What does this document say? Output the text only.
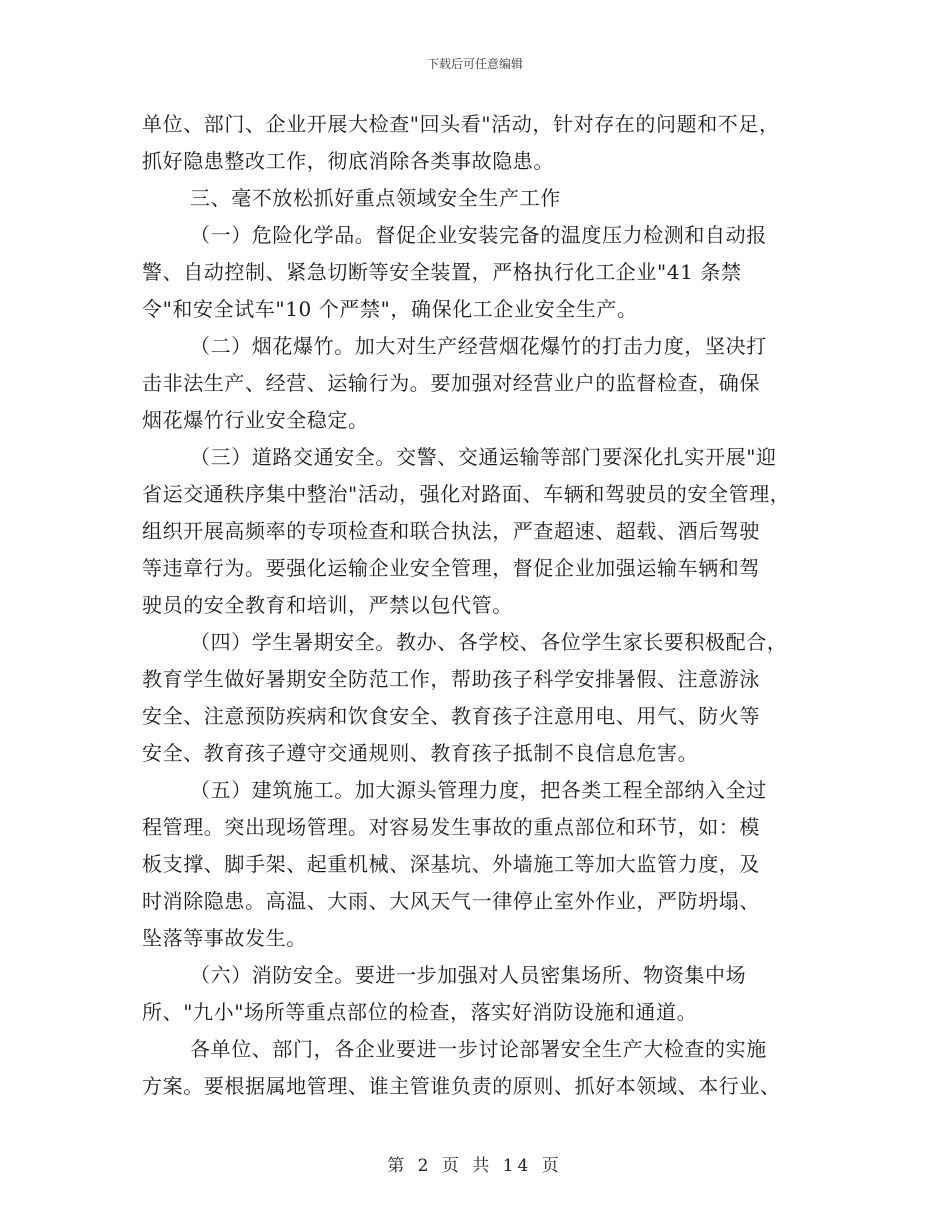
下载后可任意编辑
单位、部门、企业开展大检查"回头看"活动，针对存在的问题和不足，
抓好隐患整改工作，彻底消除各类事故隐患。
三、毫不放松抓好重点领域安全生产工作
（一）危险化学品。督促企业安装完备的温度压力检测和自动报
警、自动控制、紧急切断等安全装置，严格执行化工企业"41 条禁
令"和安全试车"10 个严禁"，确保化工企业安全生产。
（二）烟花爆竹。加大对生产经营烟花爆竹的打击力度，坚决打
击非法生产、经营、运输行为。要加强对经营业户的监督检查，确保
烟花爆竹行业安全稳定。
（三）道路交通安全。交警、交通运输等部门要深化扎实开展"迎
省运交通秩序集中整治"活动，强化对路面、车辆和驾驶员的安全管理，
组织开展高频率的专项检查和联合执法，严查超速、超载、酒后驾驶
等违章行为。要强化运输企业安全管理，督促企业加强运输车辆和驾
驶员的安全教育和培训，严禁以包代管。
（四）学生暑期安全。教办、各学校、各位学生家长要积极配合，
教育学生做好暑期安全防范工作，帮助孩子科学安排暑假、注意游泳
安全、注意预防疾病和饮食安全、教育孩子注意用电、用气、防火等
安全、教育孩子遵守交通规则、教育孩子抵制不良信息危害。
（五）建筑施工。加大源头管理力度，把各类工程全部纳入全过
程管理。突出现场管理。对容易发生事故的重点部位和环节，如：模
板支撑、脚手架、起重机械、深基坑、外墙施工等加大监管力度，及
时消除隐患。高温、大雨、大风天气一律停止室外作业，严防坍塌、
坠落等事故发生。
（六）消防安全。要进一步加强对人员密集场所、物资集中场
所、"九小"场所等重点部位的检查，落实好消防设施和通道。
各单位、部门，各企业要进一步讨论部署安全生产大检查的实施
方案。要根据属地管理、谁主管谁负责的原则、抓好本领域、本行业、
第 2 页 共 14 页
